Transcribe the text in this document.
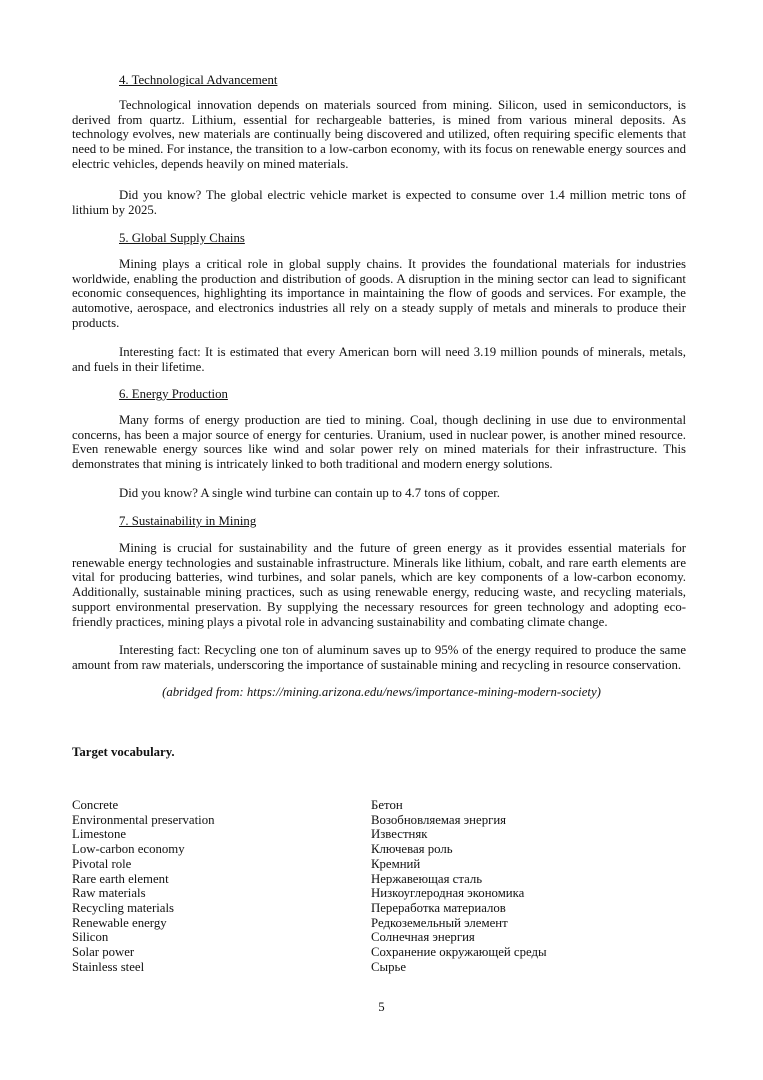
(abridged from: https://mining.arizona.edu/news/importance-mining-modern-society)
Target vocabulary.
5
4. Technological Advancement
Technological innovation depends on materials sourced from mining. Silicon, used in semiconductors, is
derived from quartz. Lithium, essential for rechargeable batteries, is mined from various mineral deposits. As
technology evolves, new materials are continually being discovered and utilized, often requiring specific elements that
need to be mined. For instance, the transition to a low-carbon economy, with its focus on renewable energy sources and
electric vehicles, depends heavily on mined materials.
Did you know? The global electric vehicle market is expected to consume over 1.4 million metric tons of
lithium by 2025.
5. Global Supply Chains
Mining plays a critical role in global supply chains. It provides the foundational materials for industries
worldwide, enabling the production and distribution of goods. A disruption in the mining sector can lead to significant
economic consequences, highlighting its importance in maintaining the flow of goods and services. For example, the
automotive, aerospace, and electronics industries all rely on a steady supply of metals and minerals to produce their
products.
Interesting fact: It is estimated that every American born will need 3.19 million pounds of minerals, metals,
and fuels in their lifetime.
6. Energy Production
Many forms of energy production are tied to mining. Coal, though declining in use due to environmental
concerns, has been a major source of energy for centuries. Uranium, used in nuclear power, is another mined resource.
Even renewable energy sources like wind and solar power rely on mined materials for their infrastructure. This
demonstrates that mining is intricately linked to both traditional and modern energy solutions.
Did you know? A single wind turbine can contain up to 4.7 tons of copper.
7. Sustainability in Mining
Mining is crucial for sustainability and the future of green energy as it provides essential materials for
renewable energy technologies and sustainable infrastructure. Minerals like lithium, cobalt, and rare earth elements are
vital for producing batteries, wind turbines, and solar panels, which are key components of a low-carbon economy.
Additionally, sustainable mining practices, such as using renewable energy, reducing waste, and recycling materials,
support environmental preservation. By supplying the necessary resources for green technology and adopting eco-
friendly practices, mining plays a pivotal role in advancing sustainability and combating climate change.
Interesting fact: Recycling one ton of aluminum saves up to 95% of the energy required to produce the same
amount from raw materials, underscoring the importance of sustainable mining and recycling in resource conservation.
Concrete
Environmental preservation
Limestone
Low-carbon economy
Pivotal role
Rare earth element
Raw materials
Recycling materials
Renewable energy
Silicon
Solar power
Stainless steel
Бетон
Возобновляемая энергия
Известняк
Ключевая роль
Кремний
Нержавеющая сталь
Низкоуглеродная экономика
Переработка материалов
Редкоземельный элемент
Солнечная энергия
Сохранение окружающей среды
Сырье
